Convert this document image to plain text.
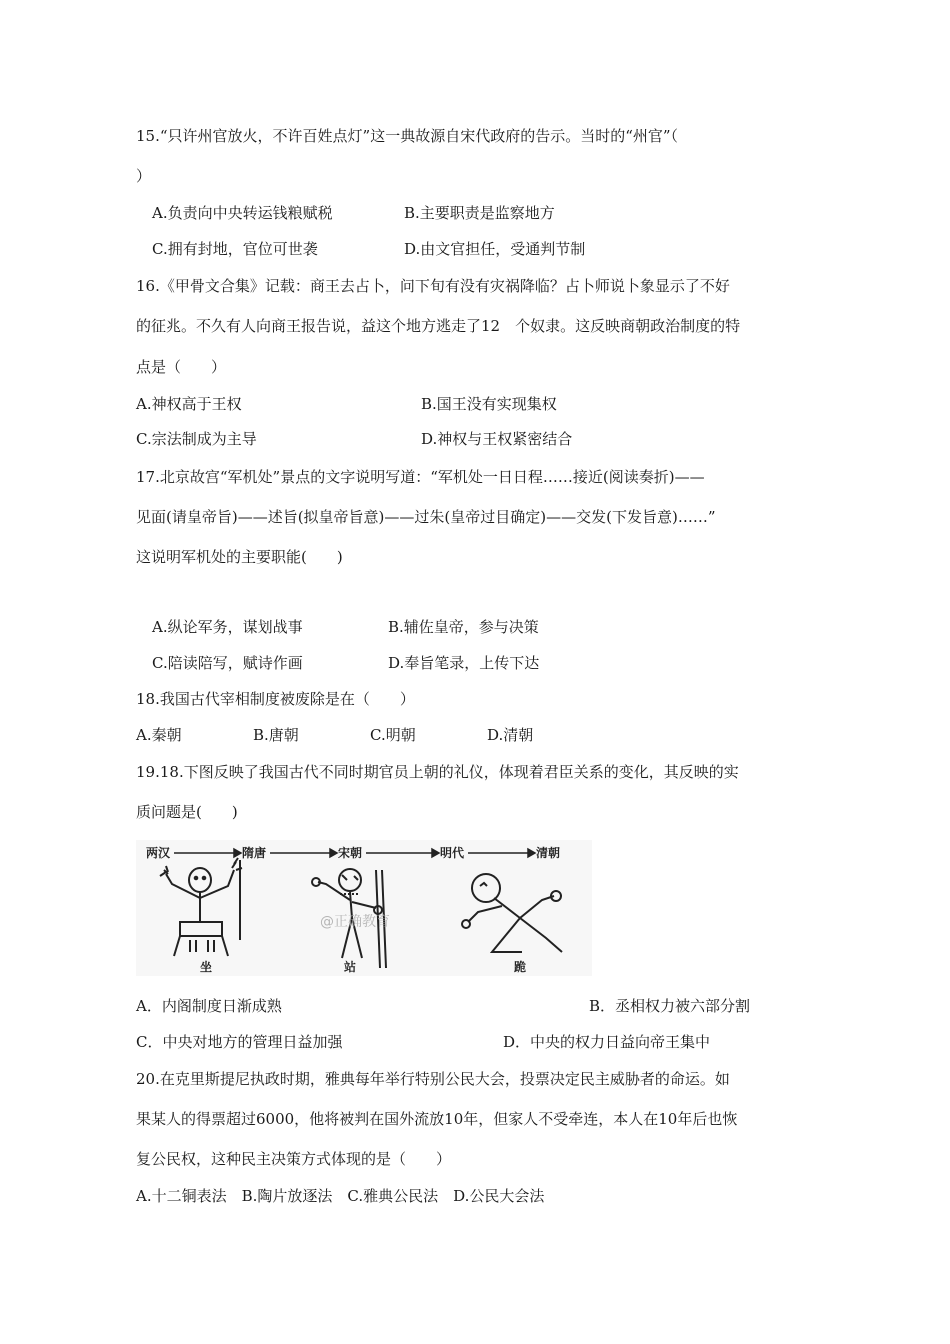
15.“只许州官放火，不许百姓点灯”这一典故源自宋代政府的告示。当时的“州官”（
）
A.负责向中央转运钱粮赋税	B.主要职责是监察地方
C.拥有封地，官位可世袭	D.由文官担任，受通判节制
16.《甲骨文合集》记载：商王去占卜，问下旬有没有灾祸降临？占卜师说卜象显示了不好
的征兆。不久有人向商王报告说，益这个地方逃走了12　个奴隶。这反映商朝政治制度的特
点是（　　）
A.神权高于王权	B.国王没有实现集权
C.宗法制成为主导	D.神权与王权紧密结合
17.北京故宫“军机处”景点的文字说明写道：“军机处一日日程……接近(阅读奏折)——
见面(请皇帝旨)——述旨(拟皇帝旨意)——过朱(皇帝过目确定)——交发(下发旨意)……”
这说明军机处的主要职能(　　)
A.纵论军务，谋划战事	B.辅佐皇帝，参与决策
C.陪读陪写，赋诗作画	D.奉旨笔录，上传下达
18.我国古代宰相制度被废除是在（　　）
A.秦朝	B.唐朝	C.明朝	D.清朝
19.18.下图反映了我国古代不同时期官员上朝的礼仪，体现着君臣关系的变化，其反映的实
质问题是(　　)
两汉	隋唐	宋朝	明代	清朝
@正确教育
坐	站	跪
A．内阁制度日渐成熟	B．丞相权力被六部分割
C．中央对地方的管理日益加强	D．中央的权力日益向帝王集中
20.在克里斯提尼执政时期，雅典每年举行特别公民大会，投票决定民主威胁者的命运。如
果某人的得票超过6000，他将被判在国外流放10年，但家人不受牵连，本人在10年后也恢
复公民权，这种民主决策方式体现的是（　　）
A.十二铜表法　B.陶片放逐法　C.雅典公民法　D.公民大会法
